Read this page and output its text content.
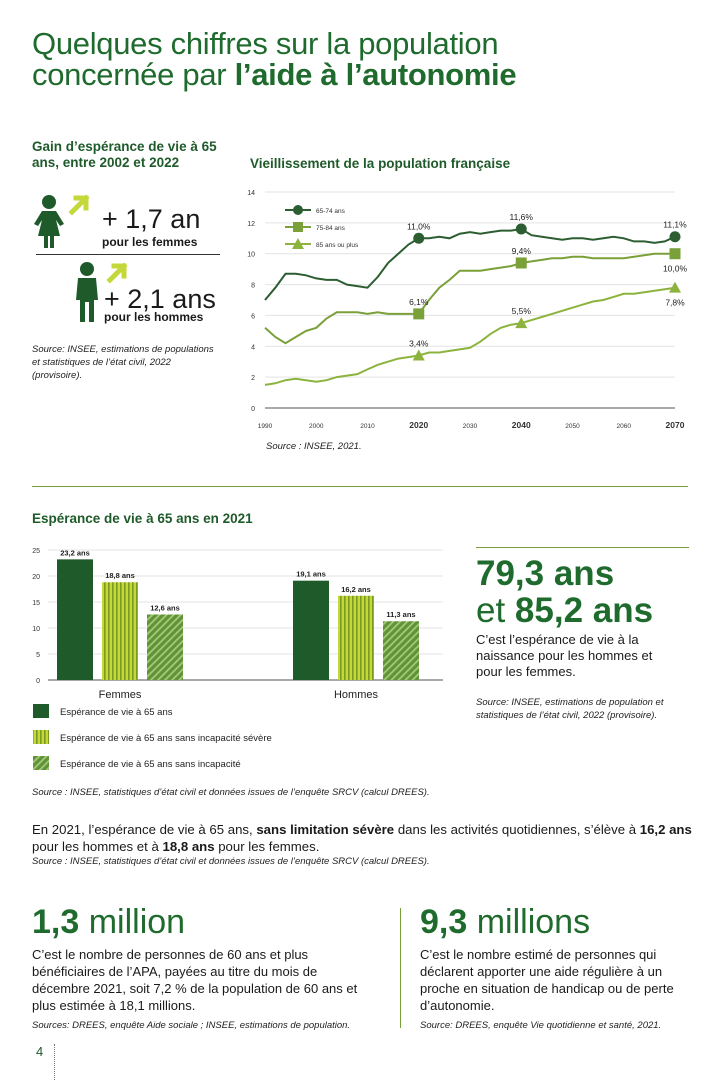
Quelques chiffres sur la population
concernée par l’aide à l’autonomie
Gain d’espérance de vie à 65 ans, entre 2002 et 2022
+ 1,7 an
pour les femmes
+ 2,1 ans
pour les hommes
Source: INSEE, estimations de populations et statistiques de l’état civil, 2022 (provisoire).
Vieillissement de la population française
0
2
4
6
8
10
12
14
1990	2000	2010	2020	2030	2040	2050	2060	2070
11,0%
11,6%
11,1%
6,1%
9,4%
10,0%
3,4%
5,5%
7,8%
65-74 ans
75-84 ans
85 ans ou plus
Source : INSEE, 2021.
Espérance de vie à 65 ans en 2021
0
5
10
15
20
25	23,2 ans
18,8 ans
12,6 ans
Femmes
19,1 ans
16,2 ans
11,3 ans
Hommes
Espérance de vie à 65 ans
Espérance de vie à 65 ans sans incapacité sévère
Espérance de vie à 65 ans sans incapacité
Source : INSEE, statistiques d’état civil et données issues de l’enquête SRCV (calcul DREES).
79,3 ans
et 85,2 ans
C’est l’espérance de vie à la naissance pour les hommes et pour les femmes.
Source: INSEE, estimations de population et statistiques de l’état civil, 2022 (provisoire).
En 2021, l’espérance de vie à 65 ans, sans limitation sévère dans les activités quotidiennes, s’élève à 16,2 ans pour les hommes et à 18,8 ans pour les femmes.
Source : INSEE, statistiques d’état civil et données issues de l’enquête SRCV (calcul DREES).
1,3 million
C’est le nombre de personnes de 60 ans et plus bénéficiaires de l’APA, payées au titre du mois de décembre 2021, soit 7,2 % de la population de 60 ans et plus estimée à 18,1 millions.
Sources: DREES, enquête Aide sociale ; INSEE, estimations de population.
9,3 millions
C’est le nombre estimé de personnes qui déclarent apporter une aide régulière à un proche en situation de handicap ou de perte d’autonomie.
Source: DREES, enquête Vie quotidienne et santé, 2021.
4
